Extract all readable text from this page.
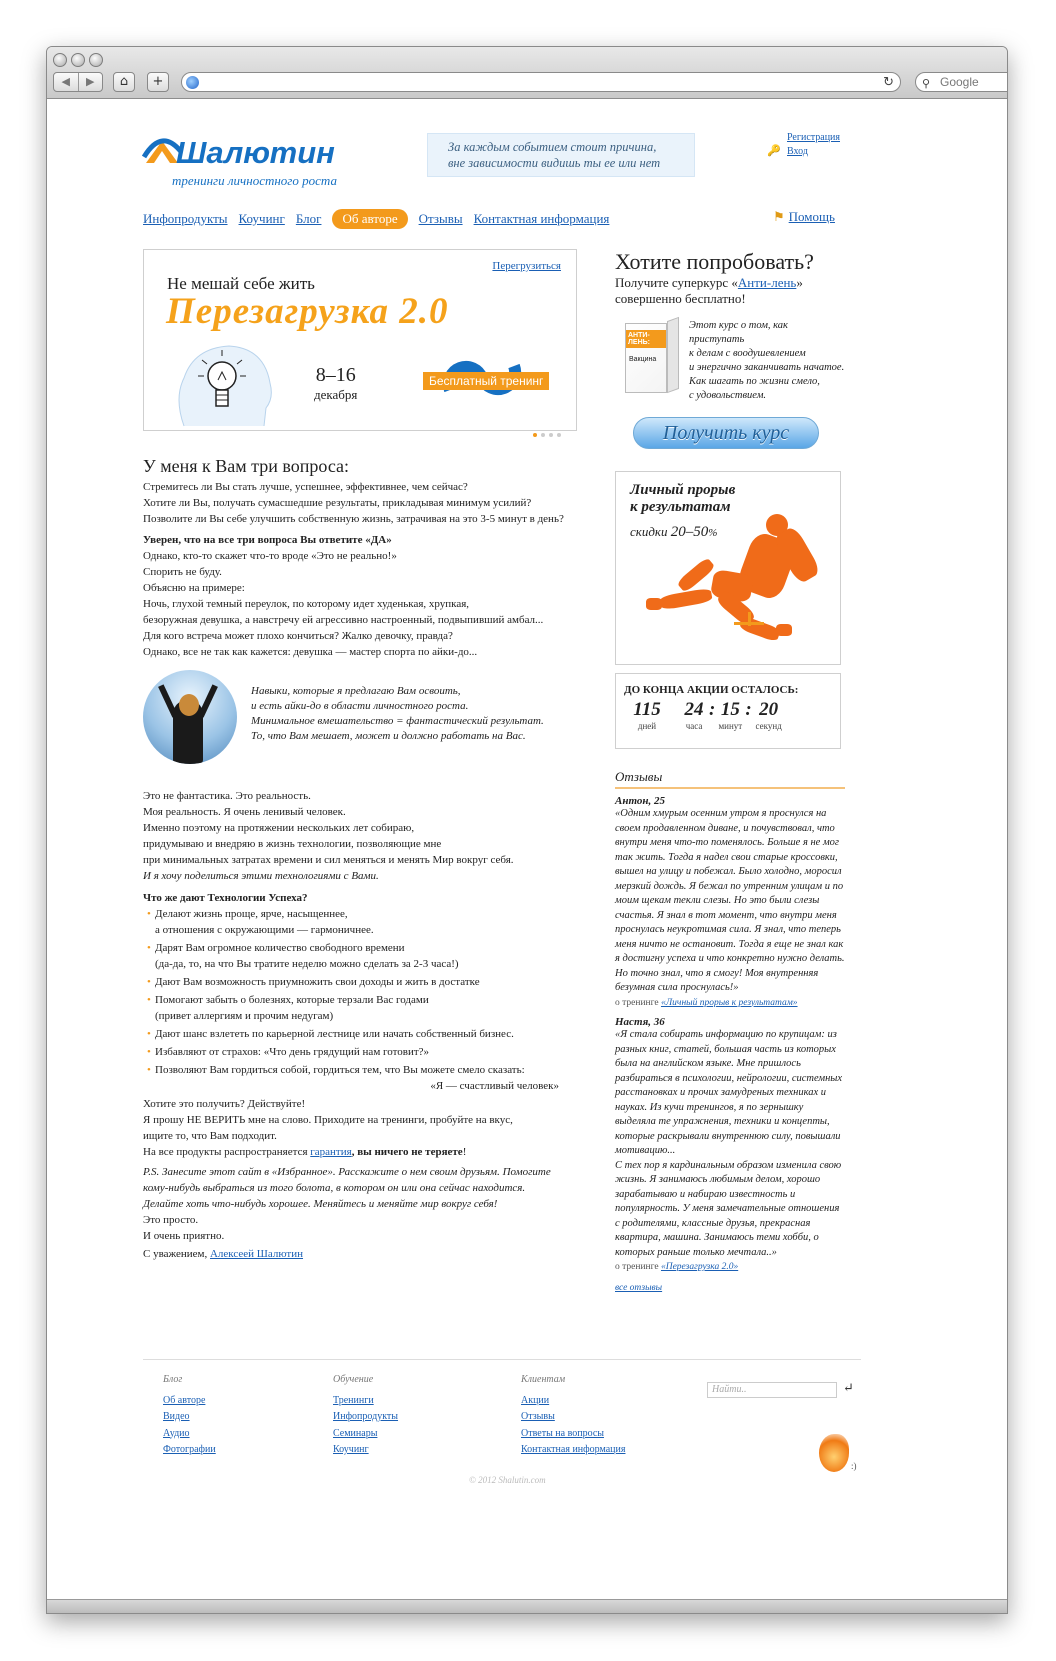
◀	▶	⌂	+	↻	⚲ Google
Шалютин
тренинги личностного роста
За каждым событием стоит причина,
вне зависимости видишь ты ее или нет
Регистрация
🔑 Вход
Инфопродукты Коучинг Блог	Об авторе	Отзывы Контактная информация	⚑ Помощь
Не мешай себе жить
Перезагрузка 2.0
Перегрузиться
8–16
декабря
Бесплатный тренинг
У меня к Вам три вопроса:

Стремитесь ли Вы стать лучше, успешнее, эффективнее, чем сейчас?

Хотите ли Вы, получать сумасшедшие результаты, прикладывая минимум усилий?

Позволите ли Вы себе улучшить собственную жизнь, затрачивая на это 3-5 минут в день?

Уверен, что на все три вопроса Вы ответите «ДА»

Однако, кто-то скажет что-то вроде «Это не реально!»

Спорить не буду.

Объясню на примере:

Ночь, глухой темный переулок, по которому идет худенькая, хрупкая,

безоружная девушка, а навстречу ей агрессивно настроенный, подвыпивший амбал...

Для кого встреча может плохо кончиться? Жалко девочку, правда?

Однако, все не так как кажется: девушка — мастер спорта по айки-до...

Навыки, которые я предлагаю Вам освоить,
и есть айки-до в области личностного роста.
Минимальное вмешательство = фантастический результат.
То, что Вам мешает, может и должно работать на Вас.

Это не фантастика. Это реальность.

Моя реальность. Я очень ленивый человек.

Именно поэтому на протяжении нескольких лет собираю,

придумываю и внедряю в жизнь технологии, позволяющие мне

при минимальных затратах времени и сил меняться и менять Мир вокруг себя.

И я хочу поделиться этими технологиями с Вами.

Что же дают Технологии Успеха?

• Делают жизнь проще, ярче, насыщеннее,
а отношения с окружающими — гармоничнее.
• Дарят Вам огромное количество свободного времени
(да-да, то, на что Вы тратите неделю можно сделать за 2-3 часа!)
• Дают Вам возможность приумножить свои доходы и жить в достатке
• Помогают забыть о болезнях, которые терзали Вас годами
(привет аллергиям и прочим недугам)
• Дают шанс взлететь по карьерной лестнице или начать собственный бизнес.
• Избавляют от страхов: «Что день грядущий нам готовит?»
• Позволяют Вам гордиться собой, гордиться тем, что Вы можете смело сказать:
«Я — счастливый человек»

Хотите это получить? Действуйте!

Я прошу НЕ ВЕРИТЬ мне на слово. Приходите на тренинги, пробуйте на вкус,

ищите то, что Вам подходит.

На все продукты распространяется гарантия, вы ничего не теряете!

P.S. Занесите этот сайт в «Избранное». Расскажите о нем своим друзьям. Помогите

кому-нибудь выбраться из того болота, в котором он или она сейчас находится.

Делайте хоть что-нибудь хорошее. Меняйтесь и меняйте мир вокруг себя!

Это просто.

И очень приятно.

С уважением, Алексеей Шалютин

Хотите попробовать?
Получите суперкурс «Анти-лень»
совершенно бесплатно!
АНТИ-ЛЕНЬ:
Вакцина
Этот курс о том, как приступать
к делам с воодушевлением
и энергично заканчивать начатое.
Как шагать по жизни смело,
с удовольствием.
Получить курс
Личный прорыв
к результатам
скидки 20–50%
ДО КОНЦА АКЦИИ ОСТАЛОСЬ:
115
дней
24
часа
: 15
минут
: 20
секунд
Отзывы
Антон, 25
«Одним хмурым осенним утром я проснулся на своем продавленном диване, и почувствовал, что внутри меня что-то поменялось. Больше я не мог так жить. Тогда я надел свои старые кроссовки, вышел на улицу и побежал. Было холодно, моросил мерзкий дождь. Я бежал по утренним улицам и по моим щекам текли слезы. Но это были слезы счастья. Я знал в тот момент, что внутри меня проснулась неукротимая сила. Я знал, что теперь меня ничто не остановит. Тогда я еще не знал как я достигну успеха и что конкретно нужно делать. Но точно знал, что я смогу! Моя внутренняя безумная сила проснулась!»
о тренинге «Личный прорыв к результатам»
Настя, 36
«Я стала собирать информацию по крупицам: из разных книг, статей, большая часть из которых была на английском языке. Мне пришлось разбираться в психологии, нейрологии, системных расстановках и прочих замудреных техниках и науках. Из кучи тренингов, я по зернышку выделяла те упражнения, техники и концепты, которые раскрывали внутреннюю силу, повышали мотивацию...
С тех пор я кардинальным образом изменила свою жизнь. Я занимаюсь любимым делом, хорошо зарабатываю и набираю известность и популярность. У меня замечательные отношения с родителями, классные друзья, прекрасная квартира, машина. Занимаюсь теми хобби, о которых раньше только мечтала..»
о тренинге «Перезагрузка 2.0»
все отзывы
Блог
Об авторе
Видео
Аудио
Фотографии
Обучение
Тренинги
Инфопродукты
Семинары
Коучинг
Клиентам
Акции
Отзывы
Ответы на вопросы
Контактная информация
Найти..	↵
:)
© 2012 Shalutin.com
